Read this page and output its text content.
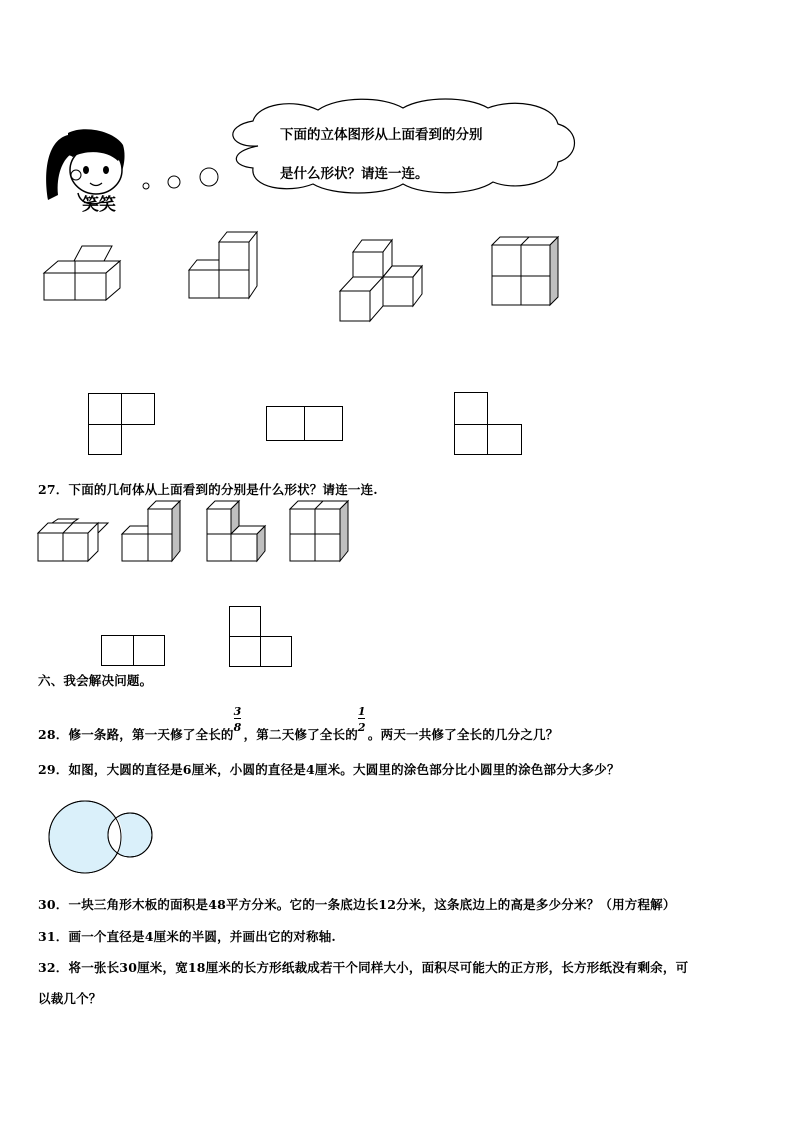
笑笑
下面的立体图形从上面看到的分别
是什么形状？请连一连。
27．下面的几何体从上面看到的分别是什么形状？请连一连.
六、我会解决问题。
28．修一条路，第一天修了全长的 $\frac{3}{8}$ ，第二天修了全长的 $\frac{1}{2}$ 。两天一共修了全长的几分之几？
29．如图，大圆的直径是6厘米，小圆的直径是4厘米。大圆里的涂色部分比小圆里的涂色部分大多少？
30．一块三角形木板的面积是48平方分米。它的一条底边长12分米，这条底边上的高是多少分米？（用方程解）
31．画一个直径是4厘米的半圆，并画出它的对称轴.
32．将一张长30厘米，宽18厘米的长方形纸裁成若干个同样大小，面积尽可能大的正方形，长方形纸没有剩余，可
以裁几个？
